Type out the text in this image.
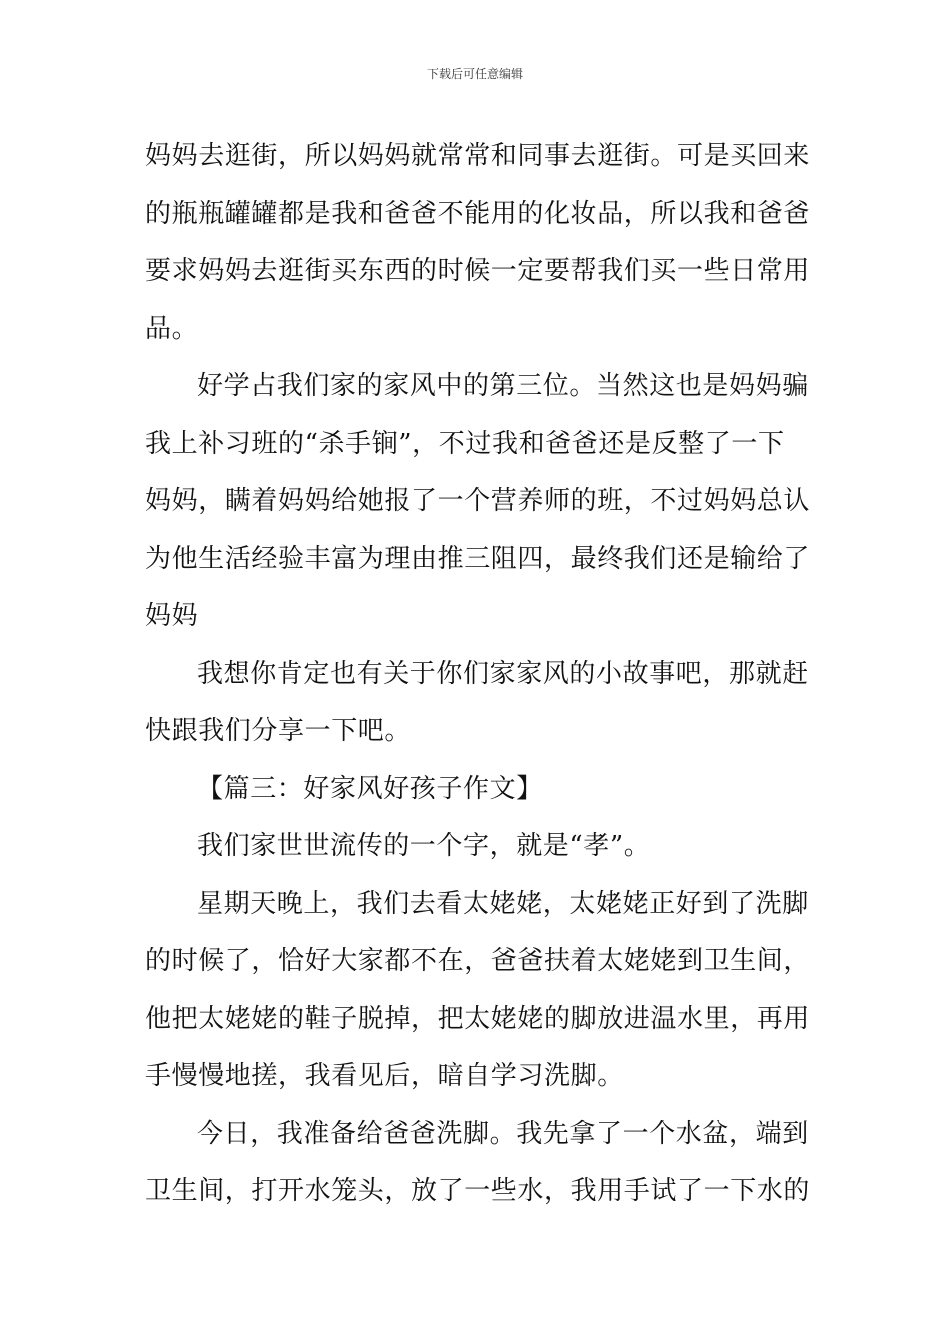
下载后可任意编辑
妈妈去逛街，所以妈妈就常常和同事去逛街。可是买回来
的瓶瓶罐罐都是我和爸爸不能用的化妆品，所以我和爸爸
要求妈妈去逛街买东西的时候一定要帮我们买一些日常用
品。
好学占我们家的家风中的第三位。当然这也是妈妈骗
我上补习班的“杀手锏”，不过我和爸爸还是反整了一下
妈妈，瞒着妈妈给她报了一个营养师的班，不过妈妈总认
为他生活经验丰富为理由推三阻四，最终我们还是输给了
妈妈
我想你肯定也有关于你们家家风的小故事吧，那就赶
快跟我们分享一下吧。
【篇三：好家风好孩子作文】
我们家世世流传的一个字，就是“孝”。
星期天晚上，我们去看太姥姥，太姥姥正好到了洗脚
的时候了，恰好大家都不在，爸爸扶着太姥姥到卫生间，
他把太姥姥的鞋子脱掉，把太姥姥的脚放进温水里，再用
手慢慢地搓，我看见后，暗自学习洗脚。
今日，我准备给爸爸洗脚。我先拿了一个水盆，端到
卫生间，打开水笼头，放了一些水，我用手试了一下水的
